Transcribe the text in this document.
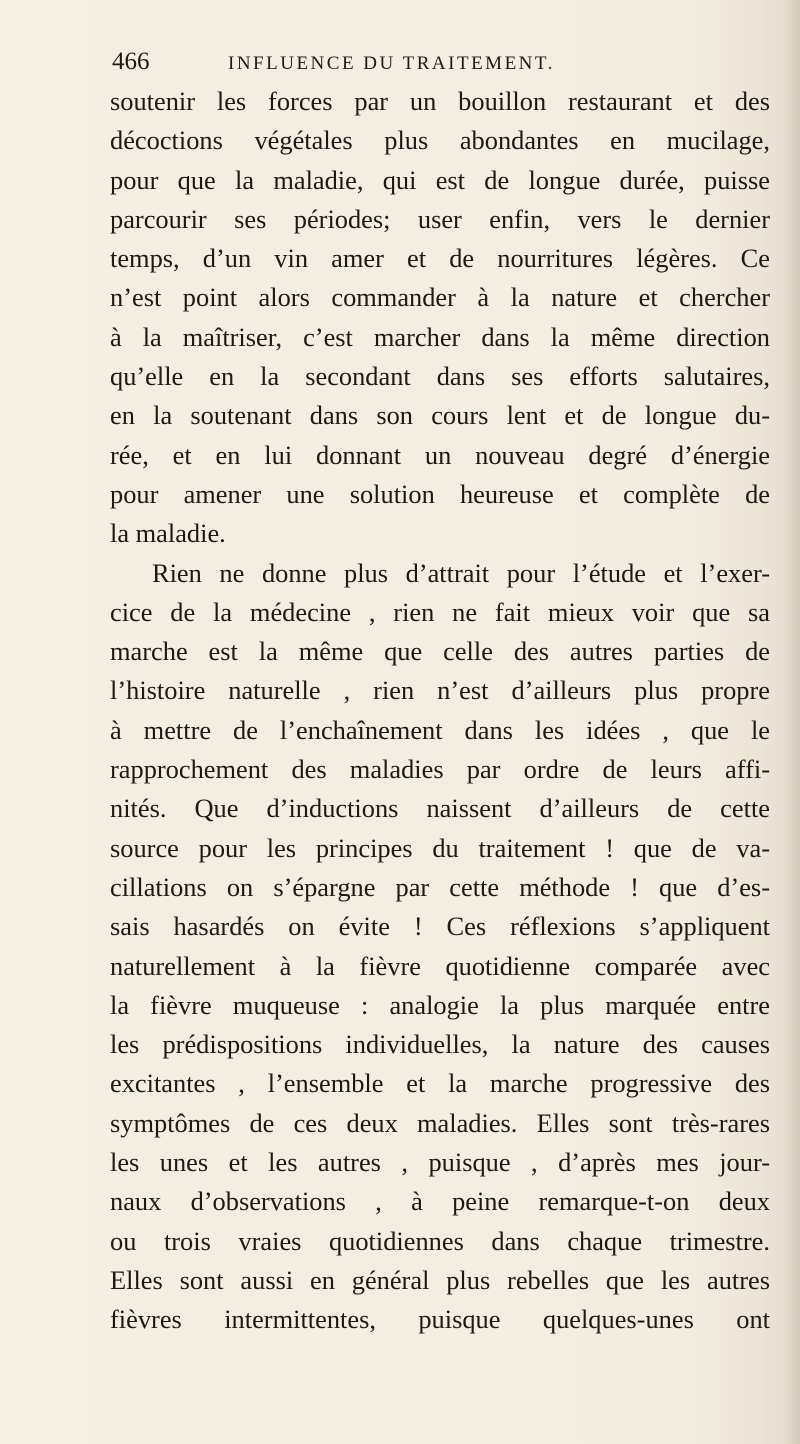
466	INFLUENCE DU TRAITEMENT.
soutenir les forces par un bouillon restaurant et des
décoctions végétales plus abondantes en mucilage,
pour que la maladie, qui est de longue durée, puisse
parcourir ses périodes; user enfin, vers le dernier
temps, d’un vin amer et de nourritures légères. Ce
n’est point alors commander à la nature et chercher
à la maîtriser, c’est marcher dans la même direction
qu’elle en la secondant dans ses efforts salutaires,
en la soutenant dans son cours lent et de longue du-
rée, et en lui donnant un nouveau degré d’énergie
pour amener une solution heureuse et complète de
la maladie.
Rien ne donne plus d’attrait pour l’étude et l’exer-
cice de la médecine , rien ne fait mieux voir que sa
marche est la même que celle des autres parties de
l’histoire naturelle , rien n’est d’ailleurs plus propre
à mettre de l’enchaînement dans les idées , que le
rapprochement des maladies par ordre de leurs affi-
nités. Que d’inductions naissent d’ailleurs de cette
source pour les principes du traitement ! que de va-
cillations on s’épargne par cette méthode ! que d’es-
sais hasardés on évite ! Ces réflexions s’appliquent
naturellement à la fièvre quotidienne comparée avec
la fièvre muqueuse : analogie la plus marquée entre
les prédispositions individuelles, la nature des causes
excitantes , l’ensemble et la marche progressive des
symptômes de ces deux maladies. Elles sont très-rares
les unes et les autres , puisque , d’après mes jour-
naux d’observations , à peine remarque-t-on deux
ou trois vraies quotidiennes dans chaque trimestre.
Elles sont aussi en général plus rebelles que les autres
fièvres intermittentes, puisque quelques-unes ont
